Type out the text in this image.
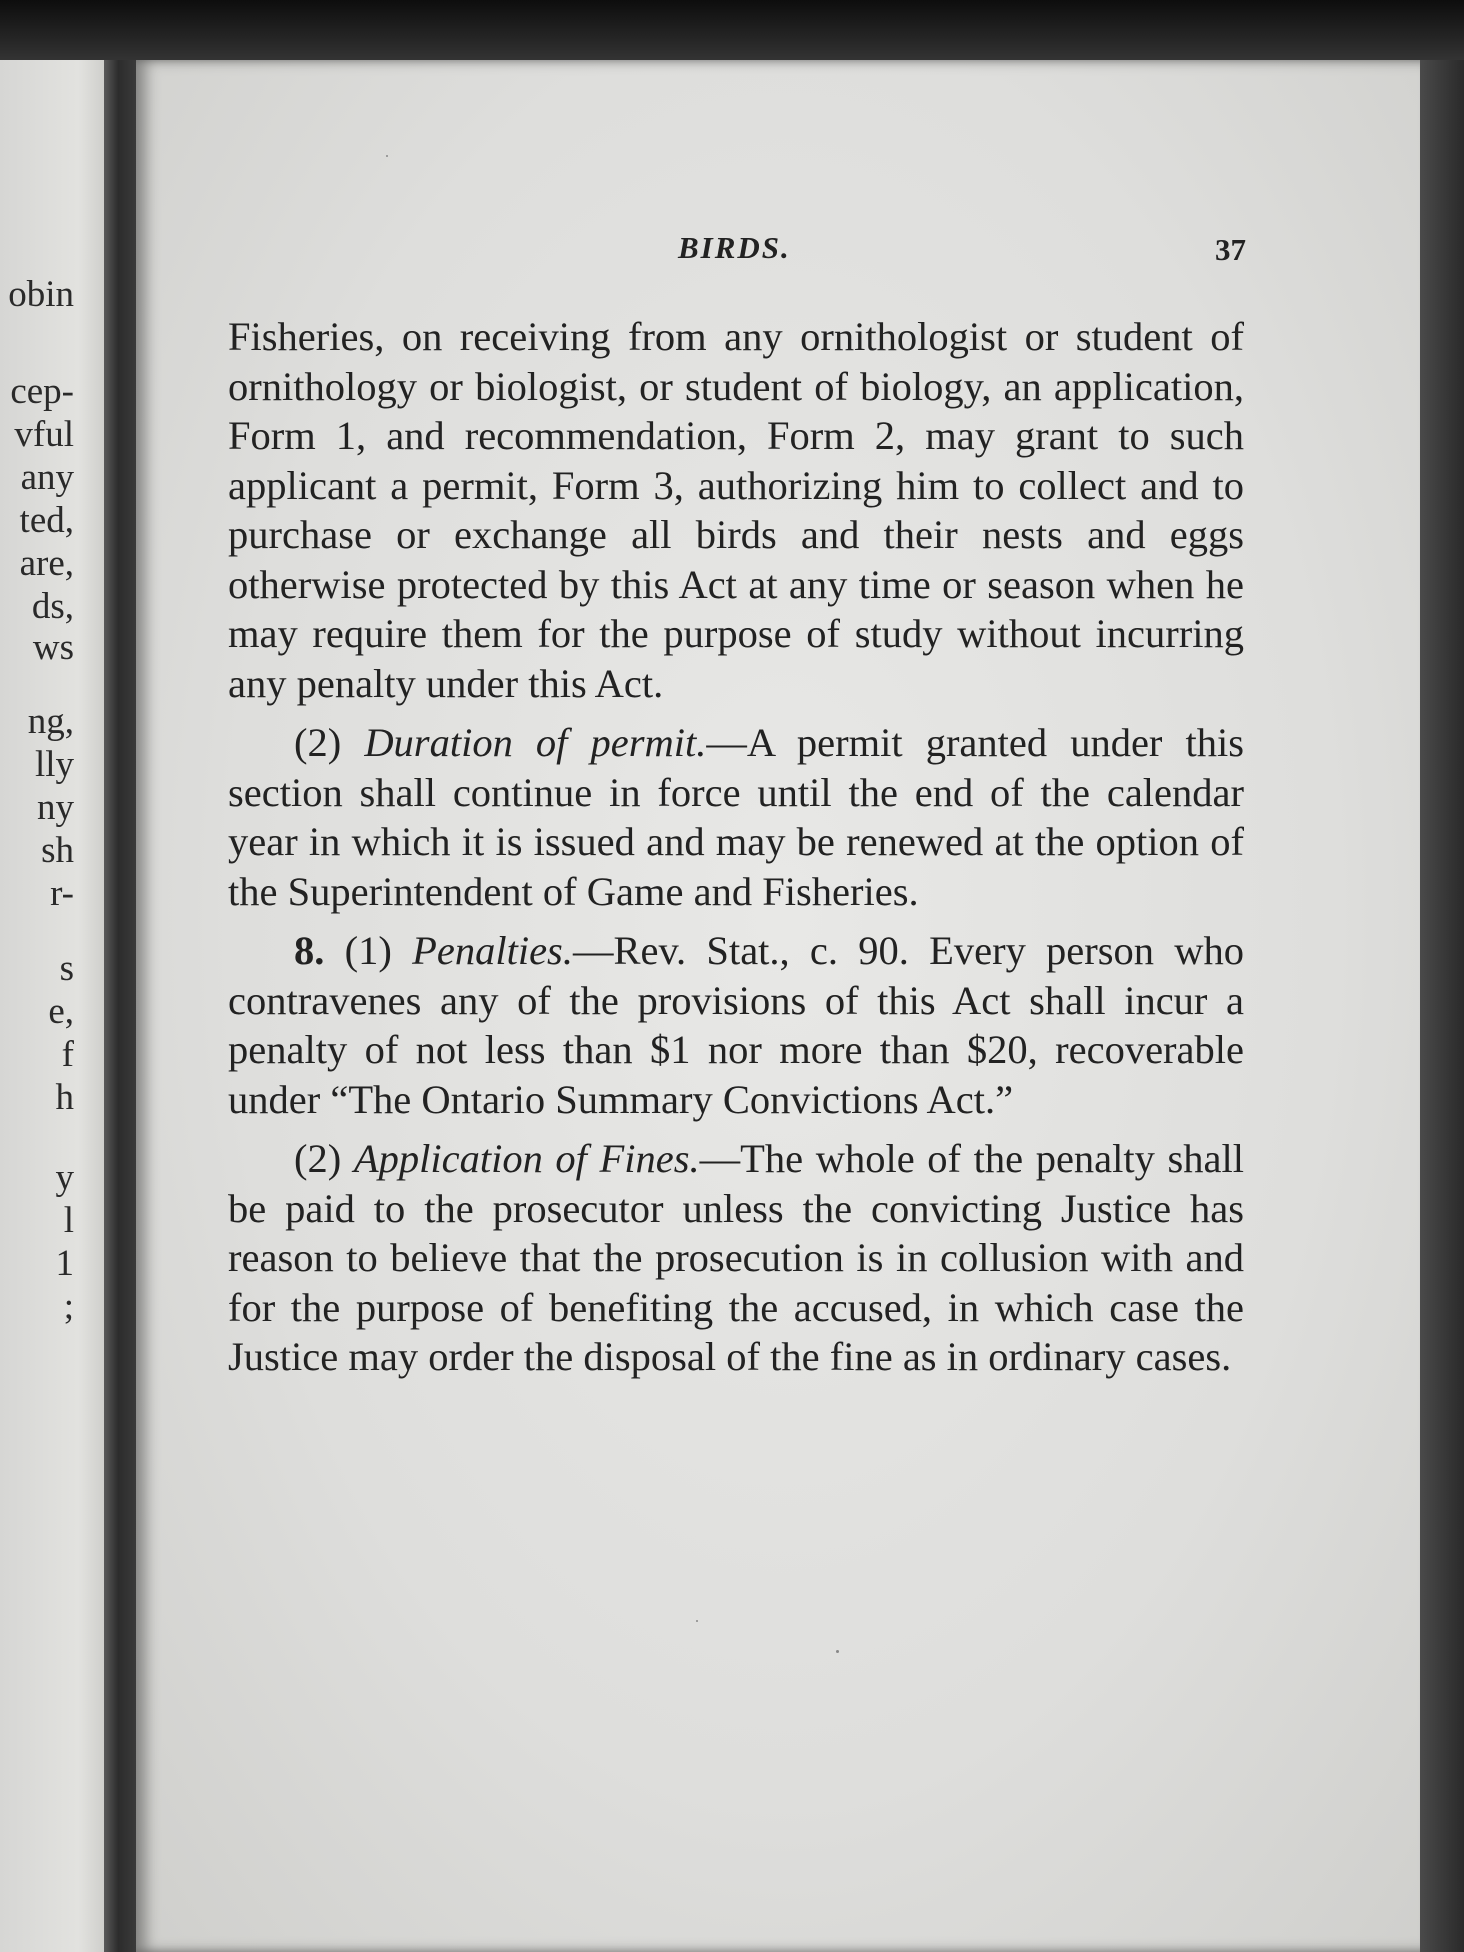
obin
cep-
vful
any
ted,
are,
ds,
ws
ng,
lly
ny
sh
r-
s
e,
f
h
y
l
1
;
BIRDS.	37

Fisheries, on receiving from any ornithologist or student of ornithology or biologist, or student of biology, an application, Form 1, and recommendation, Form 2, may grant to such applicant a permit, Form 3, authorizing him to collect and to purchase or exchange all birds and their nests and eggs otherwise protected by this Act at any time or season when he may require them for the purpose of study without incurring any penalty under this Act.

(2) Duration of permit.—A permit granted under this section shall continue in force until the end of the calendar year in which it is issued and may be renewed at the option of the Superintendent of Game and Fisheries.

8. (1) Penalties.—Rev. Stat., c. 90. Every person who contravenes any of the provisions of this Act shall incur a penalty of not less than $1 nor more than $20, recoverable under “The Ontario Summary Convictions Act.”

(2) Application of Fines.—The whole of the penalty shall be paid to the prosecutor unless the convicting Justice has reason to believe that the prosecution is in collusion with and for the purpose of benefiting the accused, in which case the Justice may order the disposal of the fine as in ordinary cases.
